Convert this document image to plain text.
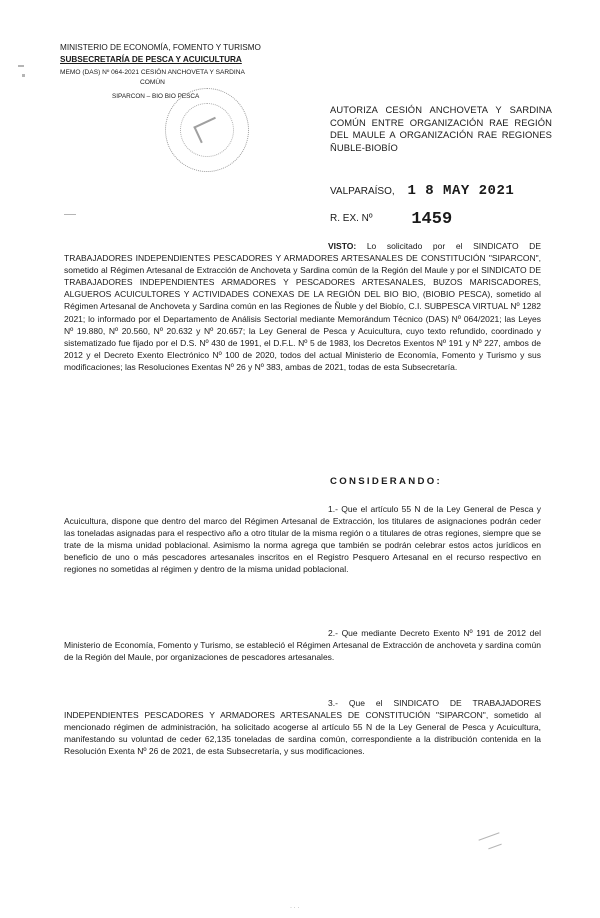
MINISTERIO DE ECONOMÍA, FOMENTO Y TURISMO
SUBSECRETARÍA DE PESCA Y ACUICULTURA
MEMO (DAS) Nº 064-2021 CESIÓN ANCHOVETA Y SARDINA
COMÚN
SIPARCON – BIO BIO PESCA
AUTORIZA CESIÓN ANCHOVETA Y SARDINA COMÚN ENTRE ORGANIZACIÓN RAE REGIÓN DEL MAULE A ORGANIZACIÓN RAE REGIONES ÑUBLE-BIOBÍO
VALPARAÍSO, 1 8 MAY 2021
R. EX. Nº 1459
VISTO: Lo solicitado por el SINDICATO DE TRABAJADORES INDEPENDIENTES PESCADORES Y ARMADORES ARTESANALES DE CONSTITUCIÓN "SIPARCON", sometido al Régimen Artesanal de Extracción de Anchoveta y Sardina común de la Región del Maule y por el SINDICATO DE TRABAJADORES INDEPENDIENTES ARMADORES Y PESCADORES ARTESANALES, BUZOS MARISCADORES, ALGUEROS ACUICULTORES Y ACTIVIDADES CONEXAS DE LA REGIÓN DEL BIO BIO, (BIOBIO PESCA), sometido al Régimen Artesanal de Anchoveta y Sardina común en las Regiones de Ñuble y del Biobío, C.I. SUBPESCA VIRTUAL Nº 1282 2021; lo informado por el Departamento de Análisis Sectorial mediante Memorándum Técnico (DAS) Nº 064/2021; las Leyes Nº 19.880, Nº 20.560, Nº 20.632 y Nº 20.657; la Ley General de Pesca y Acuicultura, cuyo texto refundido, coordinado y sistematizado fue fijado por el D.S. Nº 430 de 1991, el D.F.L. Nº 5 de 1983, los Decretos Exentos Nº 191 y Nº 227, ambos de 2012 y el Decreto Exento Electrónico Nº 100 de 2020, todos del actual Ministerio de Economía, Fomento y Turismo y sus modificaciones; las Resoluciones Exentas Nº 26 y Nº 383, ambas de 2021, todas de esta Subsecretaría.
CONSIDERANDO:
1.- Que el artículo 55 N de la Ley General de Pesca y Acuicultura, dispone que dentro del marco del Régimen Artesanal de Extracción, los titulares de asignaciones podrán ceder las toneladas asignadas para el respectivo año a otro titular de la misma región o a titulares de otras regiones, siempre que se trate de la misma unidad poblacional. Asimismo la norma agrega que también se podrán celebrar estos actos jurídicos en beneficio de uno o más pescadores artesanales inscritos en el Registro Pesquero Artesanal en el recurso respectivo en regiones no sometidas al régimen y dentro de la misma unidad poblacional.
2.- Que mediante Decreto Exento Nº 191 de 2012 del Ministerio de Economía, Fomento y Turismo, se estableció el Régimen Artesanal de Extracción de anchoveta y sardina común de la Región del Maule, por organizaciones de pescadores artesanales.
3.- Que el SINDICATO DE TRABAJADORES INDEPENDIENTES PESCADORES Y ARMADORES ARTESANALES DE CONSTITUCIÓN "SIPARCON", sometido al mencionado régimen de administración, ha solicitado acogerse al artículo 55 N de la Ley General de Pesca y Acuicultura, manifestando su voluntad de ceder 62,135 toneladas de sardina común, correspondiente a la distribución contenida en la Resolución Exenta Nº 26 de 2021, de esta Subsecretaría, y sus modificaciones.
· · ·
